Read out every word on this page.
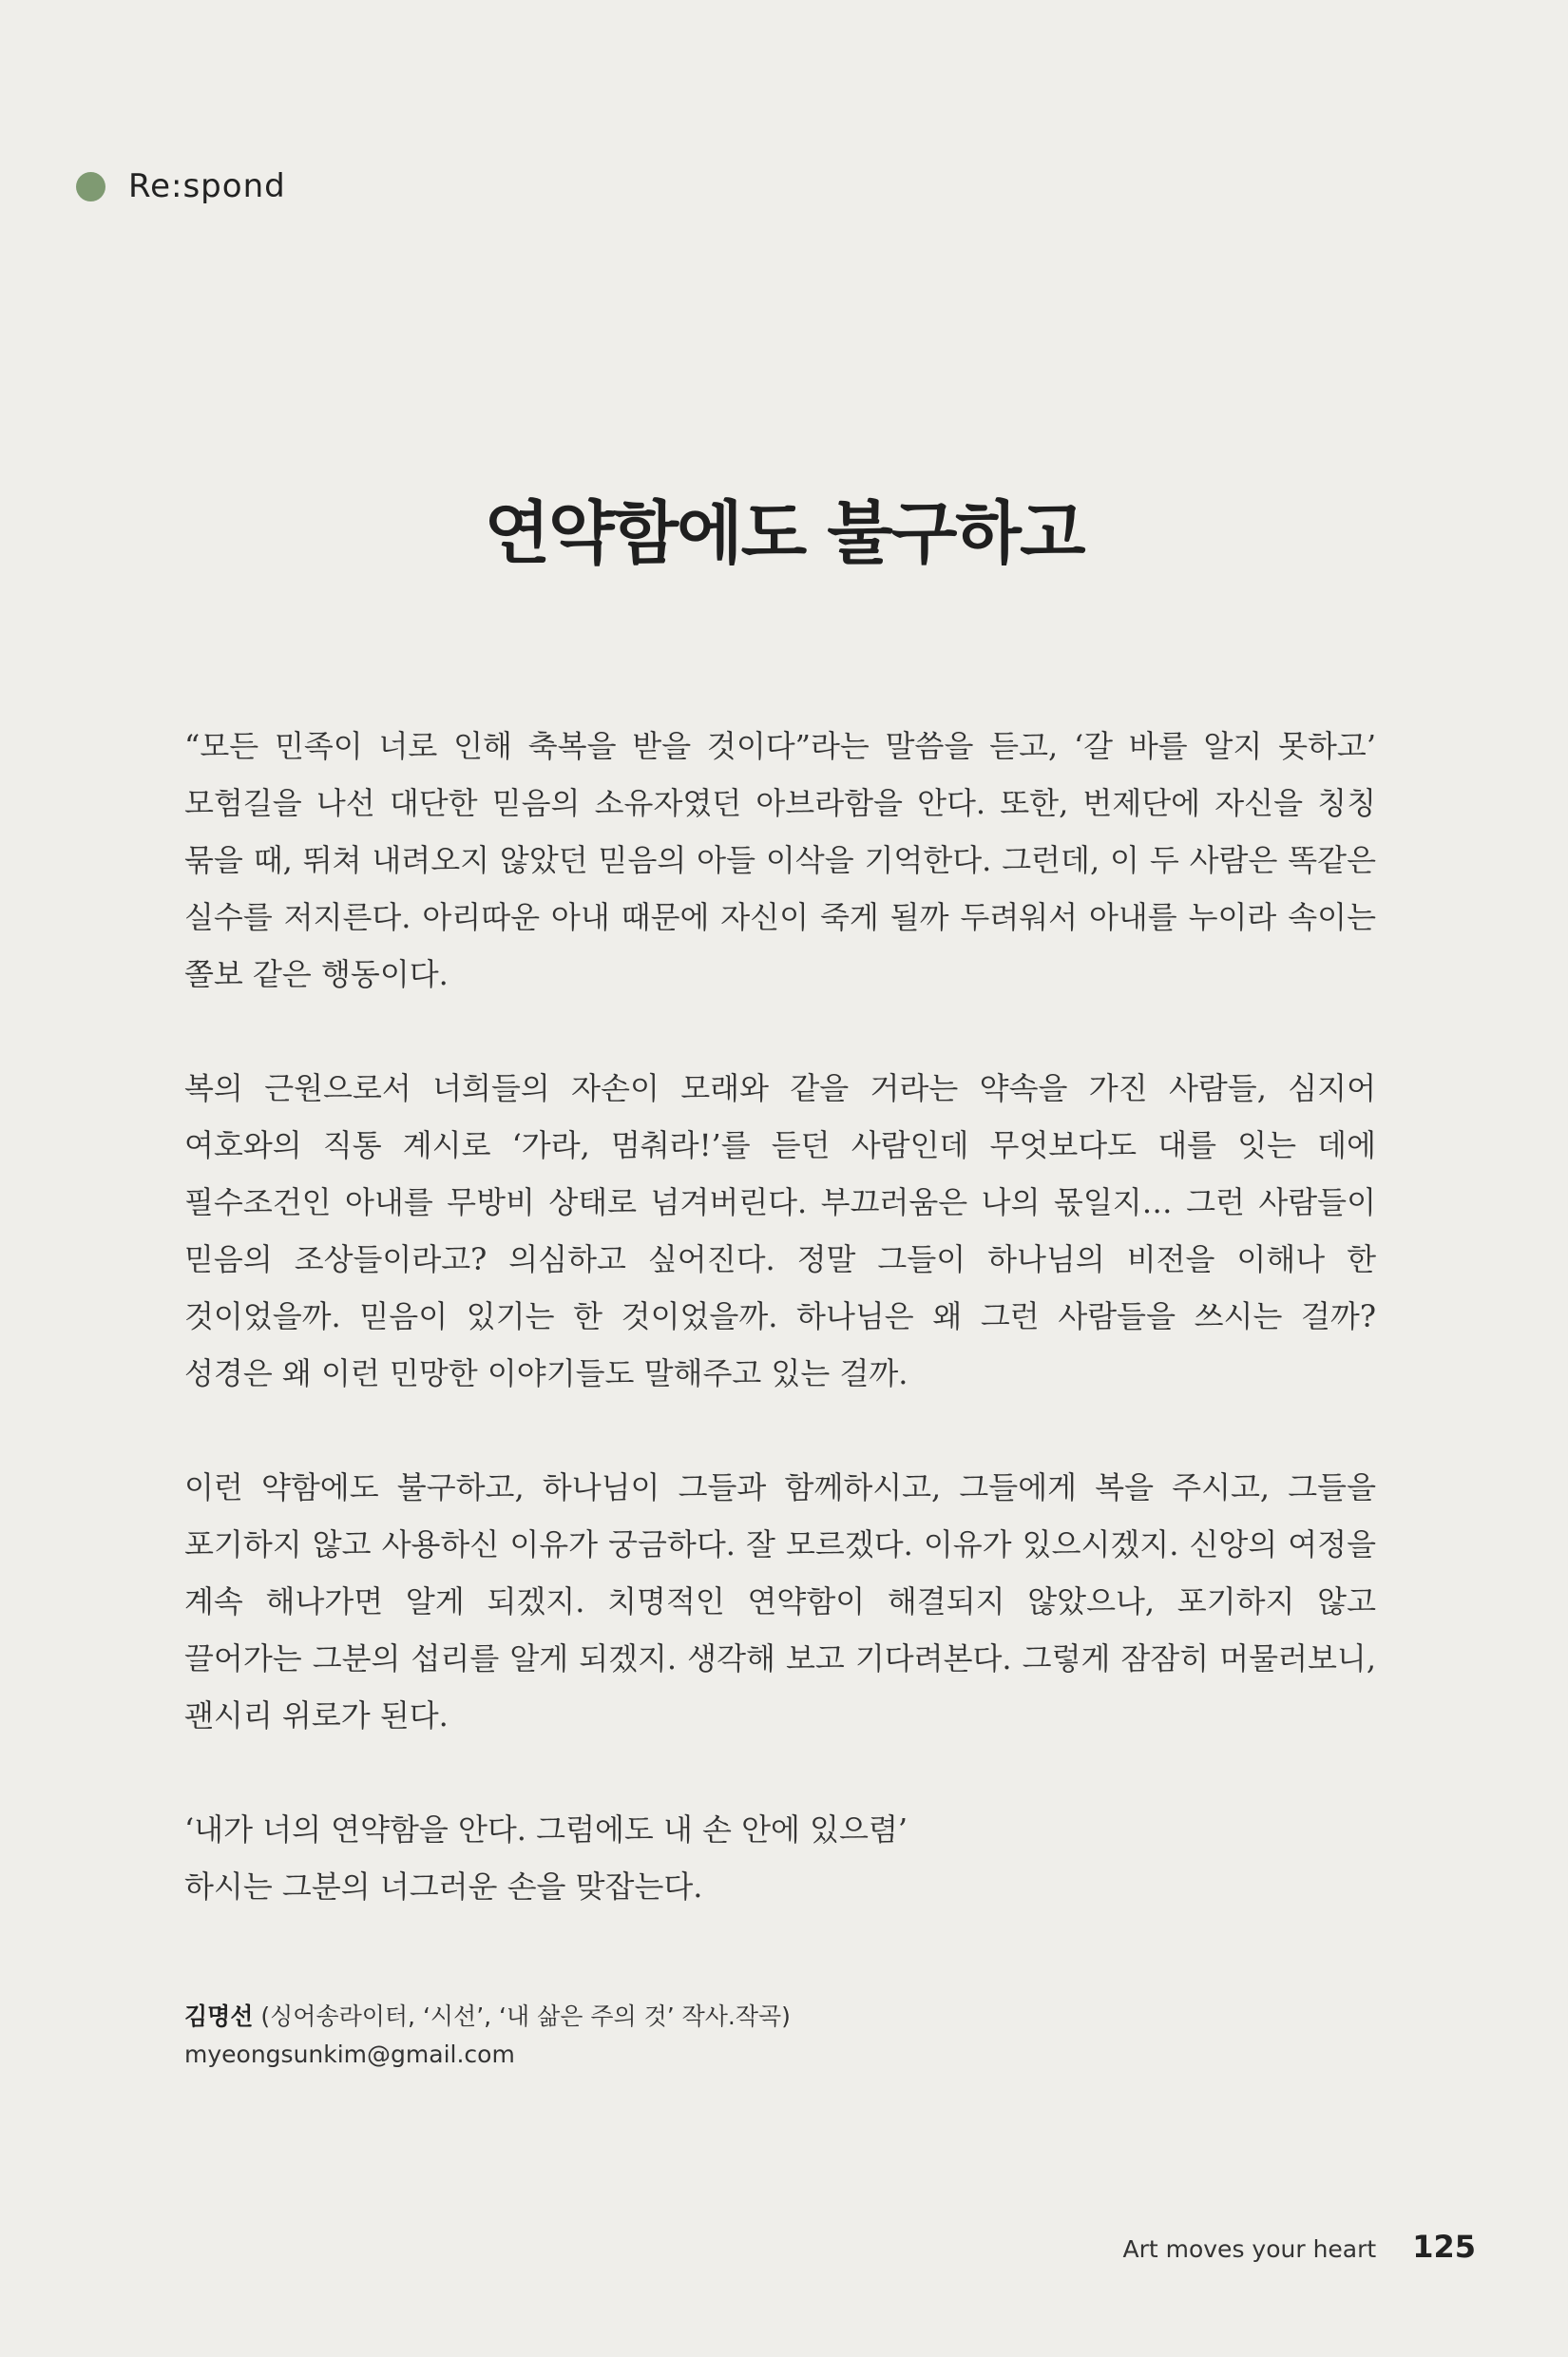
Re:spond
연약함에도 불구하고

“모든 민족이 너로 인해 축복을 받을 것이다”라는 말씀을 듣고, ‘갈 바를 알지 못하고’ 모험길을 나선 대단한 믿음의 소유자였던 아브라함을 안다. 또한, 번제단에 자신을 칭칭 묶을 때, 뛰쳐 내려오지 않았던 믿음의 아들 이삭을 기억한다. 그런데, 이 두 사람은 똑같은 실수를 저지른다. 아리따운 아내 때문에 자신이 죽게 될까 두려워서 아내를 누이라 속이는 쫄보 같은 행동이다.

복의 근원으로서 너희들의 자손이 모래와 같을 거라는 약속을 가진 사람들, 심지어 여호와의 직통 계시로 ‘가라, 멈춰라!’를 듣던 사람인데 무엇보다도 대를 잇는 데에 필수조건인 아내를 무방비 상태로 넘겨버린다. 부끄러움은 나의 몫일지… 그런 사람들이 믿음의 조상들이라고? 의심하고 싶어진다. 정말 그들이 하나님의 비전을 이해나 한 것이었을까. 믿음이 있기는 한 것이었을까. 하나님은 왜 그런 사람들을 쓰시는 걸까? 성경은 왜 이런 민망한 이야기들도 말해주고 있는 걸까.

이런 약함에도 불구하고, 하나님이 그들과 함께하시고, 그들에게 복을 주시고, 그들을 포기하지 않고 사용하신 이유가 궁금하다. 잘 모르겠다. 이유가 있으시겠지. 신앙의 여정을 계속 해나가면 알게 되겠지. 치명적인 연약함이 해결되지 않았으나, 포기하지 않고 끌어가는 그분의 섭리를 알게 되겠지. 생각해 보고 기다려본다. 그렇게 잠잠히 머물러보니, 괜시리 위로가 된다.

‘내가 너의 연약함을 안다. 그럼에도 내 손 안에 있으렴’
하시는 그분의 너그러운 손을 맞잡는다.

김명선 (싱어송라이터, ‘시선’, ‘내 삶은 주의 것’ 작사.작곡)
myeongsunkim@gmail.com
Art moves your heart 125
